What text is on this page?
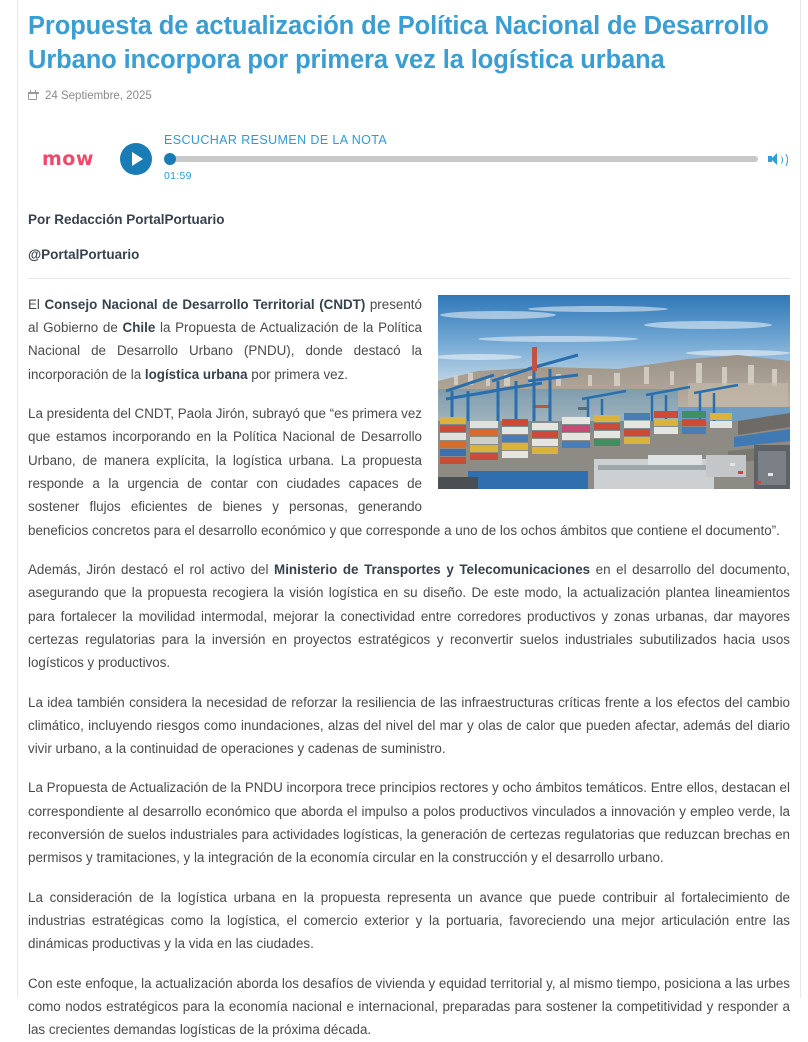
Propuesta de actualización de Política Nacional de Desarrollo Urbano incorpora por primera vez la logística urbana
24 Septiembre, 2025
mow
ESCUCHAR RESUMEN DE LA NOTA
01:59
Por Redacción PortalPortuario
@PortalPortuario

El Consejo Nacional de Desarrollo Territorial (CNDT) presentó al Gobierno de Chile la Propuesta de Actualización de la Política Nacional de Desarrollo Urbano (PNDU), donde destacó la incorporación de la logística urbana por primera vez.

La presidenta del CNDT, Paola Jirón, subrayó que “es primera vez que estamos incorporando en la Política Nacional de Desarrollo Urbano, de manera explícita, la logística urbana. La propuesta responde a la urgencia de contar con ciudades capaces de sostener flujos eficientes de bienes y personas, generando beneficios concretos para el desarrollo económico y que corresponde a uno de los ochos ámbitos que contiene el documento”.

Además, Jirón destacó el rol activo del Ministerio de Transportes y Telecomunicaciones en el desarrollo del documento, asegurando que la propuesta recogiera la visión logística en su diseño. De este modo, la actualización plantea lineamientos para fortalecer la movilidad intermodal, mejorar la conectividad entre corredores productivos y zonas urbanas, dar mayores certezas regulatorias para la inversión en proyectos estratégicos y reconvertir suelos industriales subutilizados hacia usos logísticos y productivos.

La idea también considera la necesidad de reforzar la resiliencia de las infraestructuras críticas frente a los efectos del cambio climático, incluyendo riesgos como inundaciones, alzas del nivel del mar y olas de calor que pueden afectar, además del diario vivir urbano, a la continuidad de operaciones y cadenas de suministro.

La Propuesta de Actualización de la PNDU incorpora trece principios rectores y ocho ámbitos temáticos. Entre ellos, destacan el correspondiente al desarrollo económico que aborda el impulso a polos productivos vinculados a innovación y empleo verde, la reconversión de suelos industriales para actividades logísticas, la generación de certezas regulatorias que reduzcan brechas en permisos y tramitaciones, y la integración de la economía circular en la construcción y el desarrollo urbano.

La consideración de la logística urbana en la propuesta representa un avance que puede contribuir al fortalecimiento de industrias estratégicas como la logística, el comercio exterior y la portuaria, favoreciendo una mejor articulación entre las dinámicas productivas y la vida en las ciudades.

Con este enfoque, la actualización aborda los desafíos de vivienda y equidad territorial y, al mismo tiempo, posiciona a las urbes como nodos estratégicos para la economía nacional e internacional, preparadas para sostener la competitividad y responder a las crecientes demandas logísticas de la próxima década.
